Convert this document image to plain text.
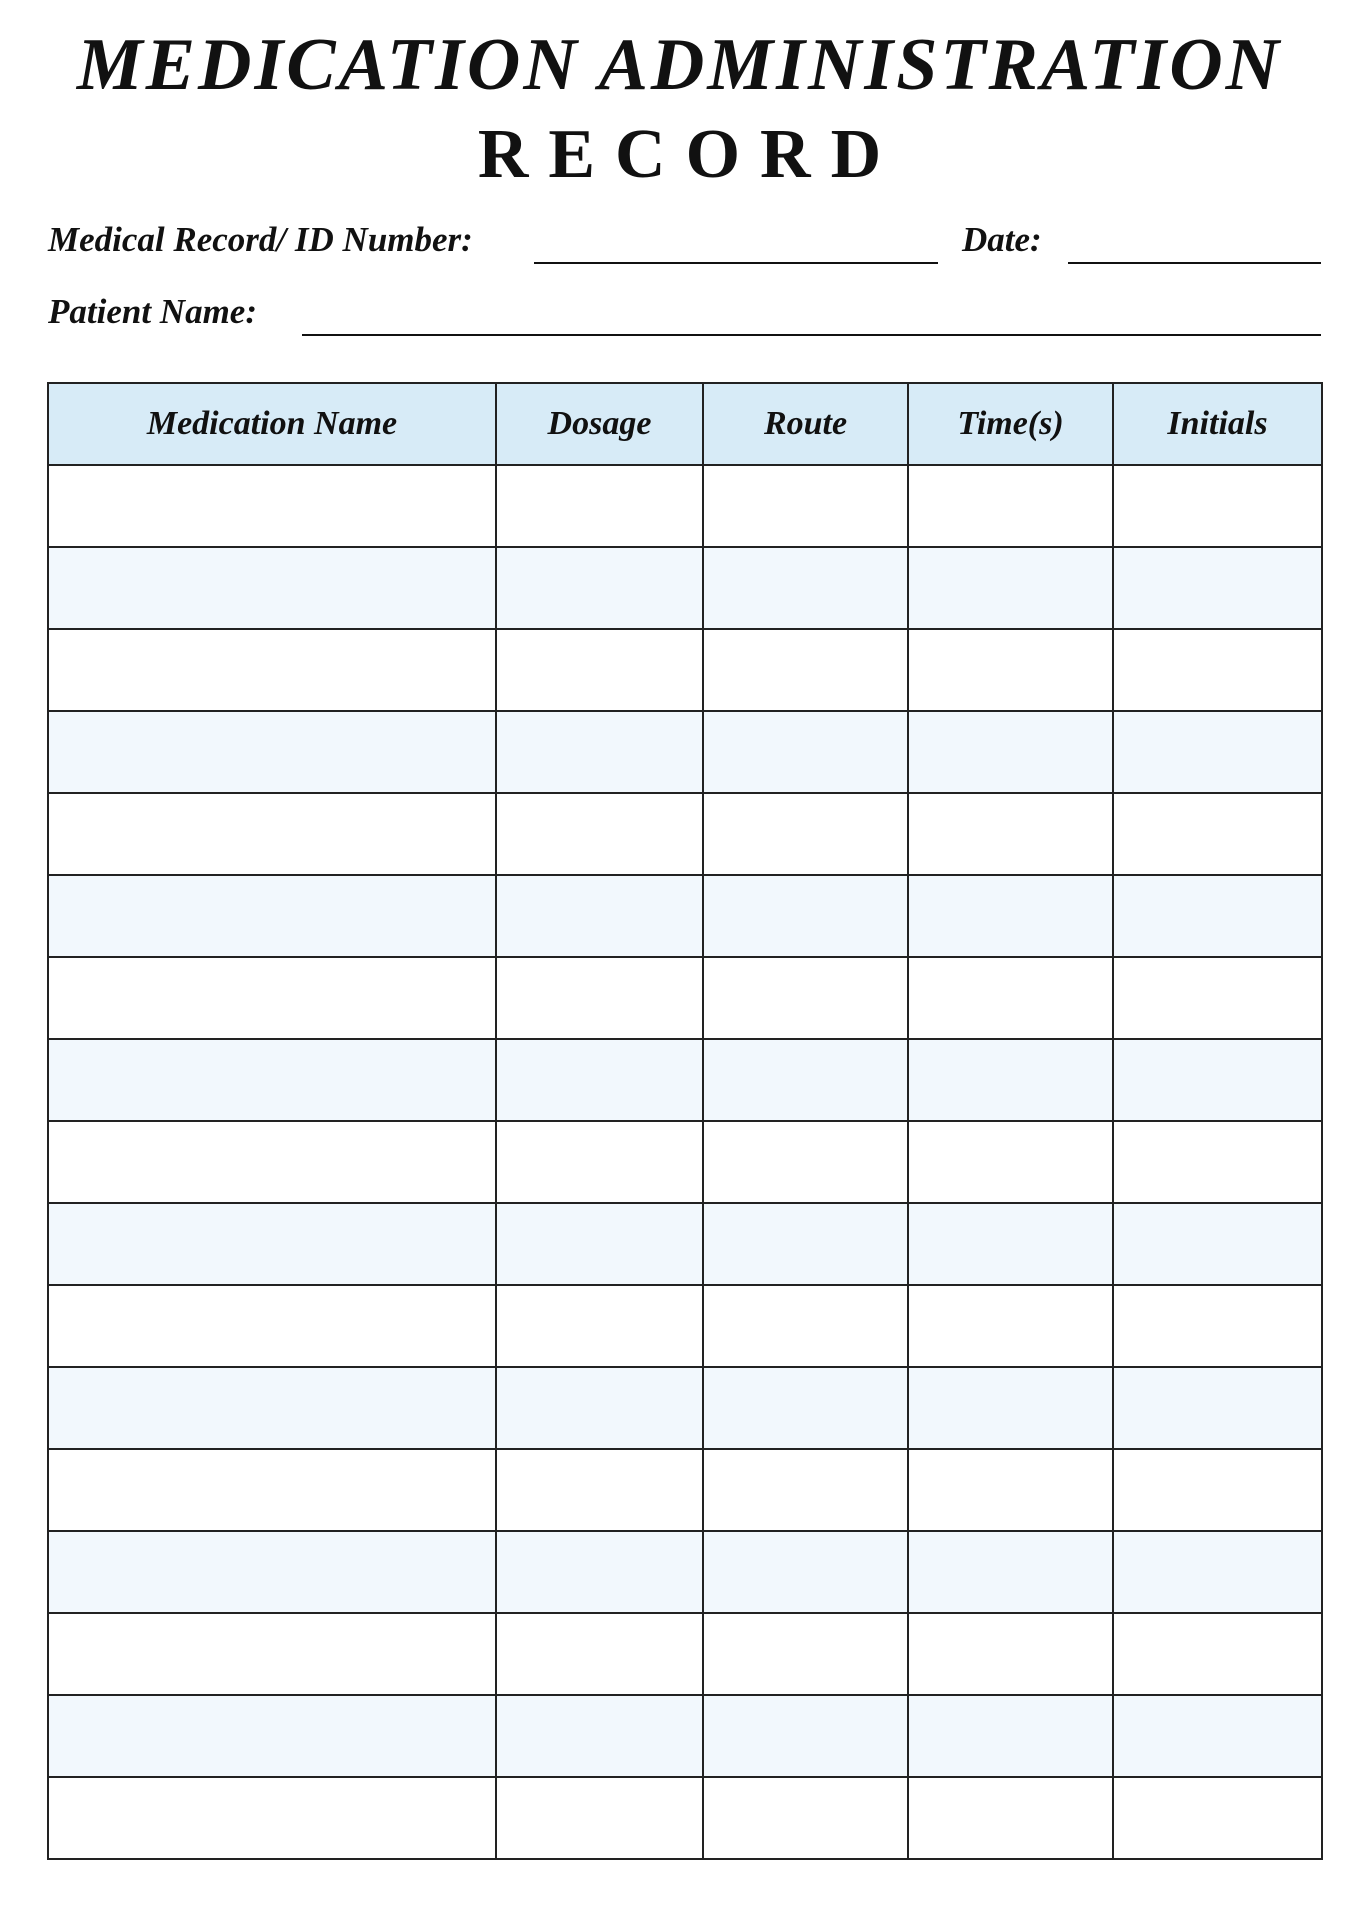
MEDICATION ADMINISTRATION
RECORD
Medical Record/ ID Number:	Date:
Patient Name:
Medication Name	Dosage	Route	Time(s)	Initials
